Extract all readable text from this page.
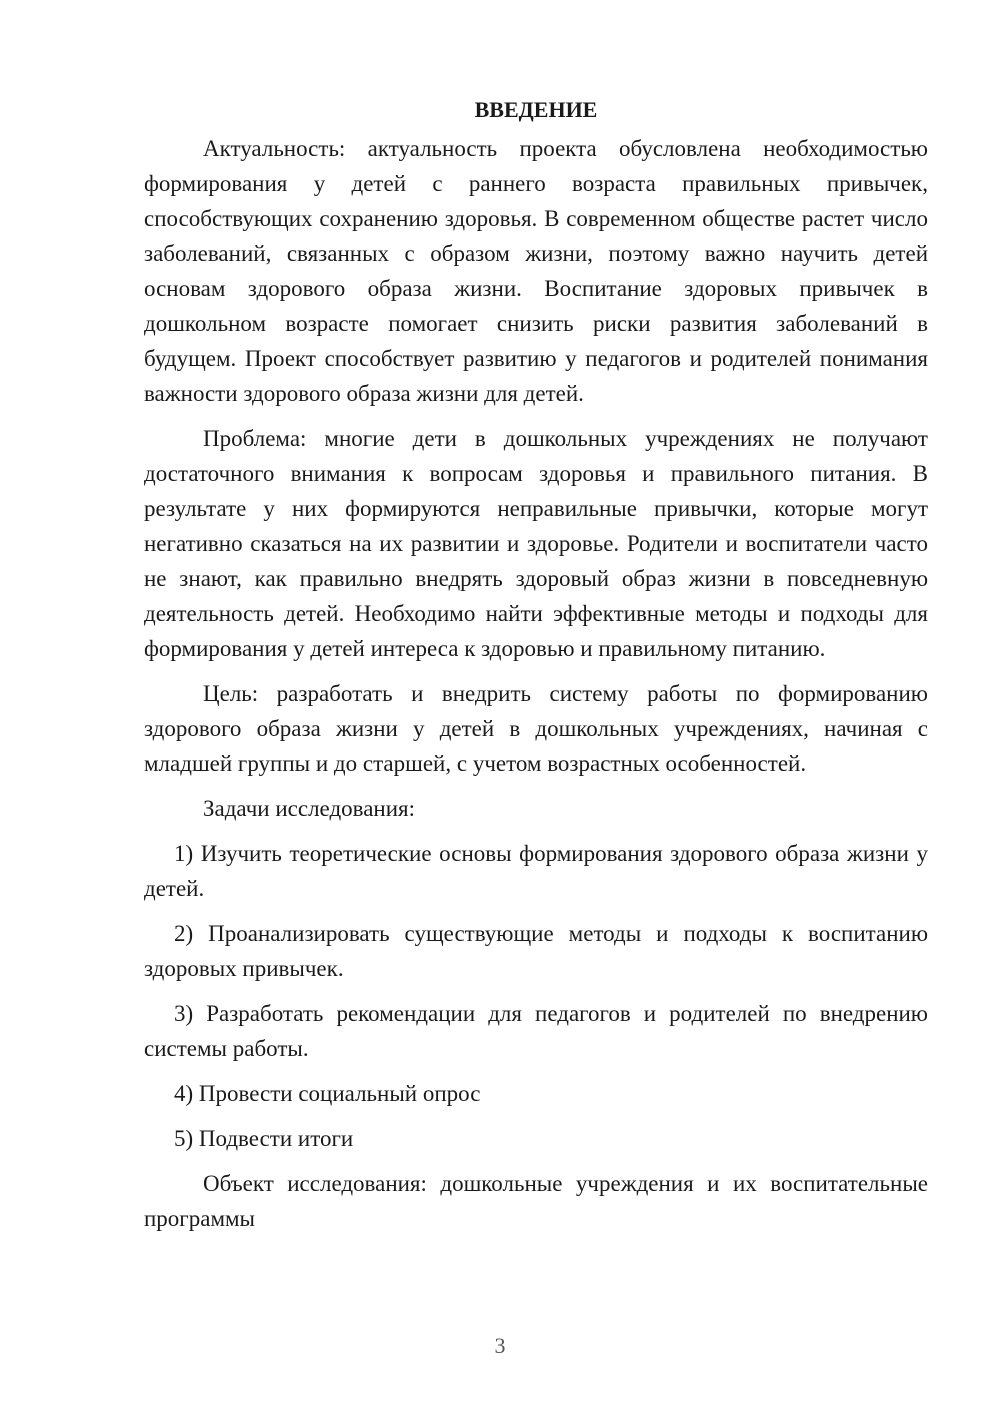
ВВЕДЕНИЕ

Актуальность: актуальность проекта обусловлена необходимостью формирования у детей с раннего возраста правильных привычек, способствующих сохранению здоровья. В современном обществе растет число заболеваний, связанных с образом жизни, поэтому важно научить детей основам здорового образа жизни. Воспитание здоровых привычек в дошкольном возрасте помогает снизить риски развития заболеваний в будущем. Проект способствует развитию у педагогов и родителей понимания важности здорового образа жизни для детей.

Проблема: многие дети в дошкольных учреждениях не получают достаточного внимания к вопросам здоровья и правильного питания. В результате у них формируются неправильные привычки, которые могут негативно сказаться на их развитии и здоровье. Родители и воспитатели часто не знают, как правильно внедрять здоровый образ жизни в повседневную деятельность детей. Необходимо найти эффективные методы и подходы для формирования у детей интереса к здоровью и правильному питанию.

Цель: разработать и внедрить систему работы по формированию здорового образа жизни у детей в дошкольных учреждениях, начиная с младшей группы и до старшей, с учетом возрастных особенностей.

Задачи исследования:

1) Изучить теоретические основы формирования здорового образа жизни у детей.

2) Проанализировать существующие методы и подходы к воспитанию здоровых привычек.

3) Разработать рекомендации для педагогов и родителей по внедрению системы работы.

4) Провести социальный опрос

5) Подвести итоги

Объект исследования: дошкольные учреждения и их воспитательные программы

3
